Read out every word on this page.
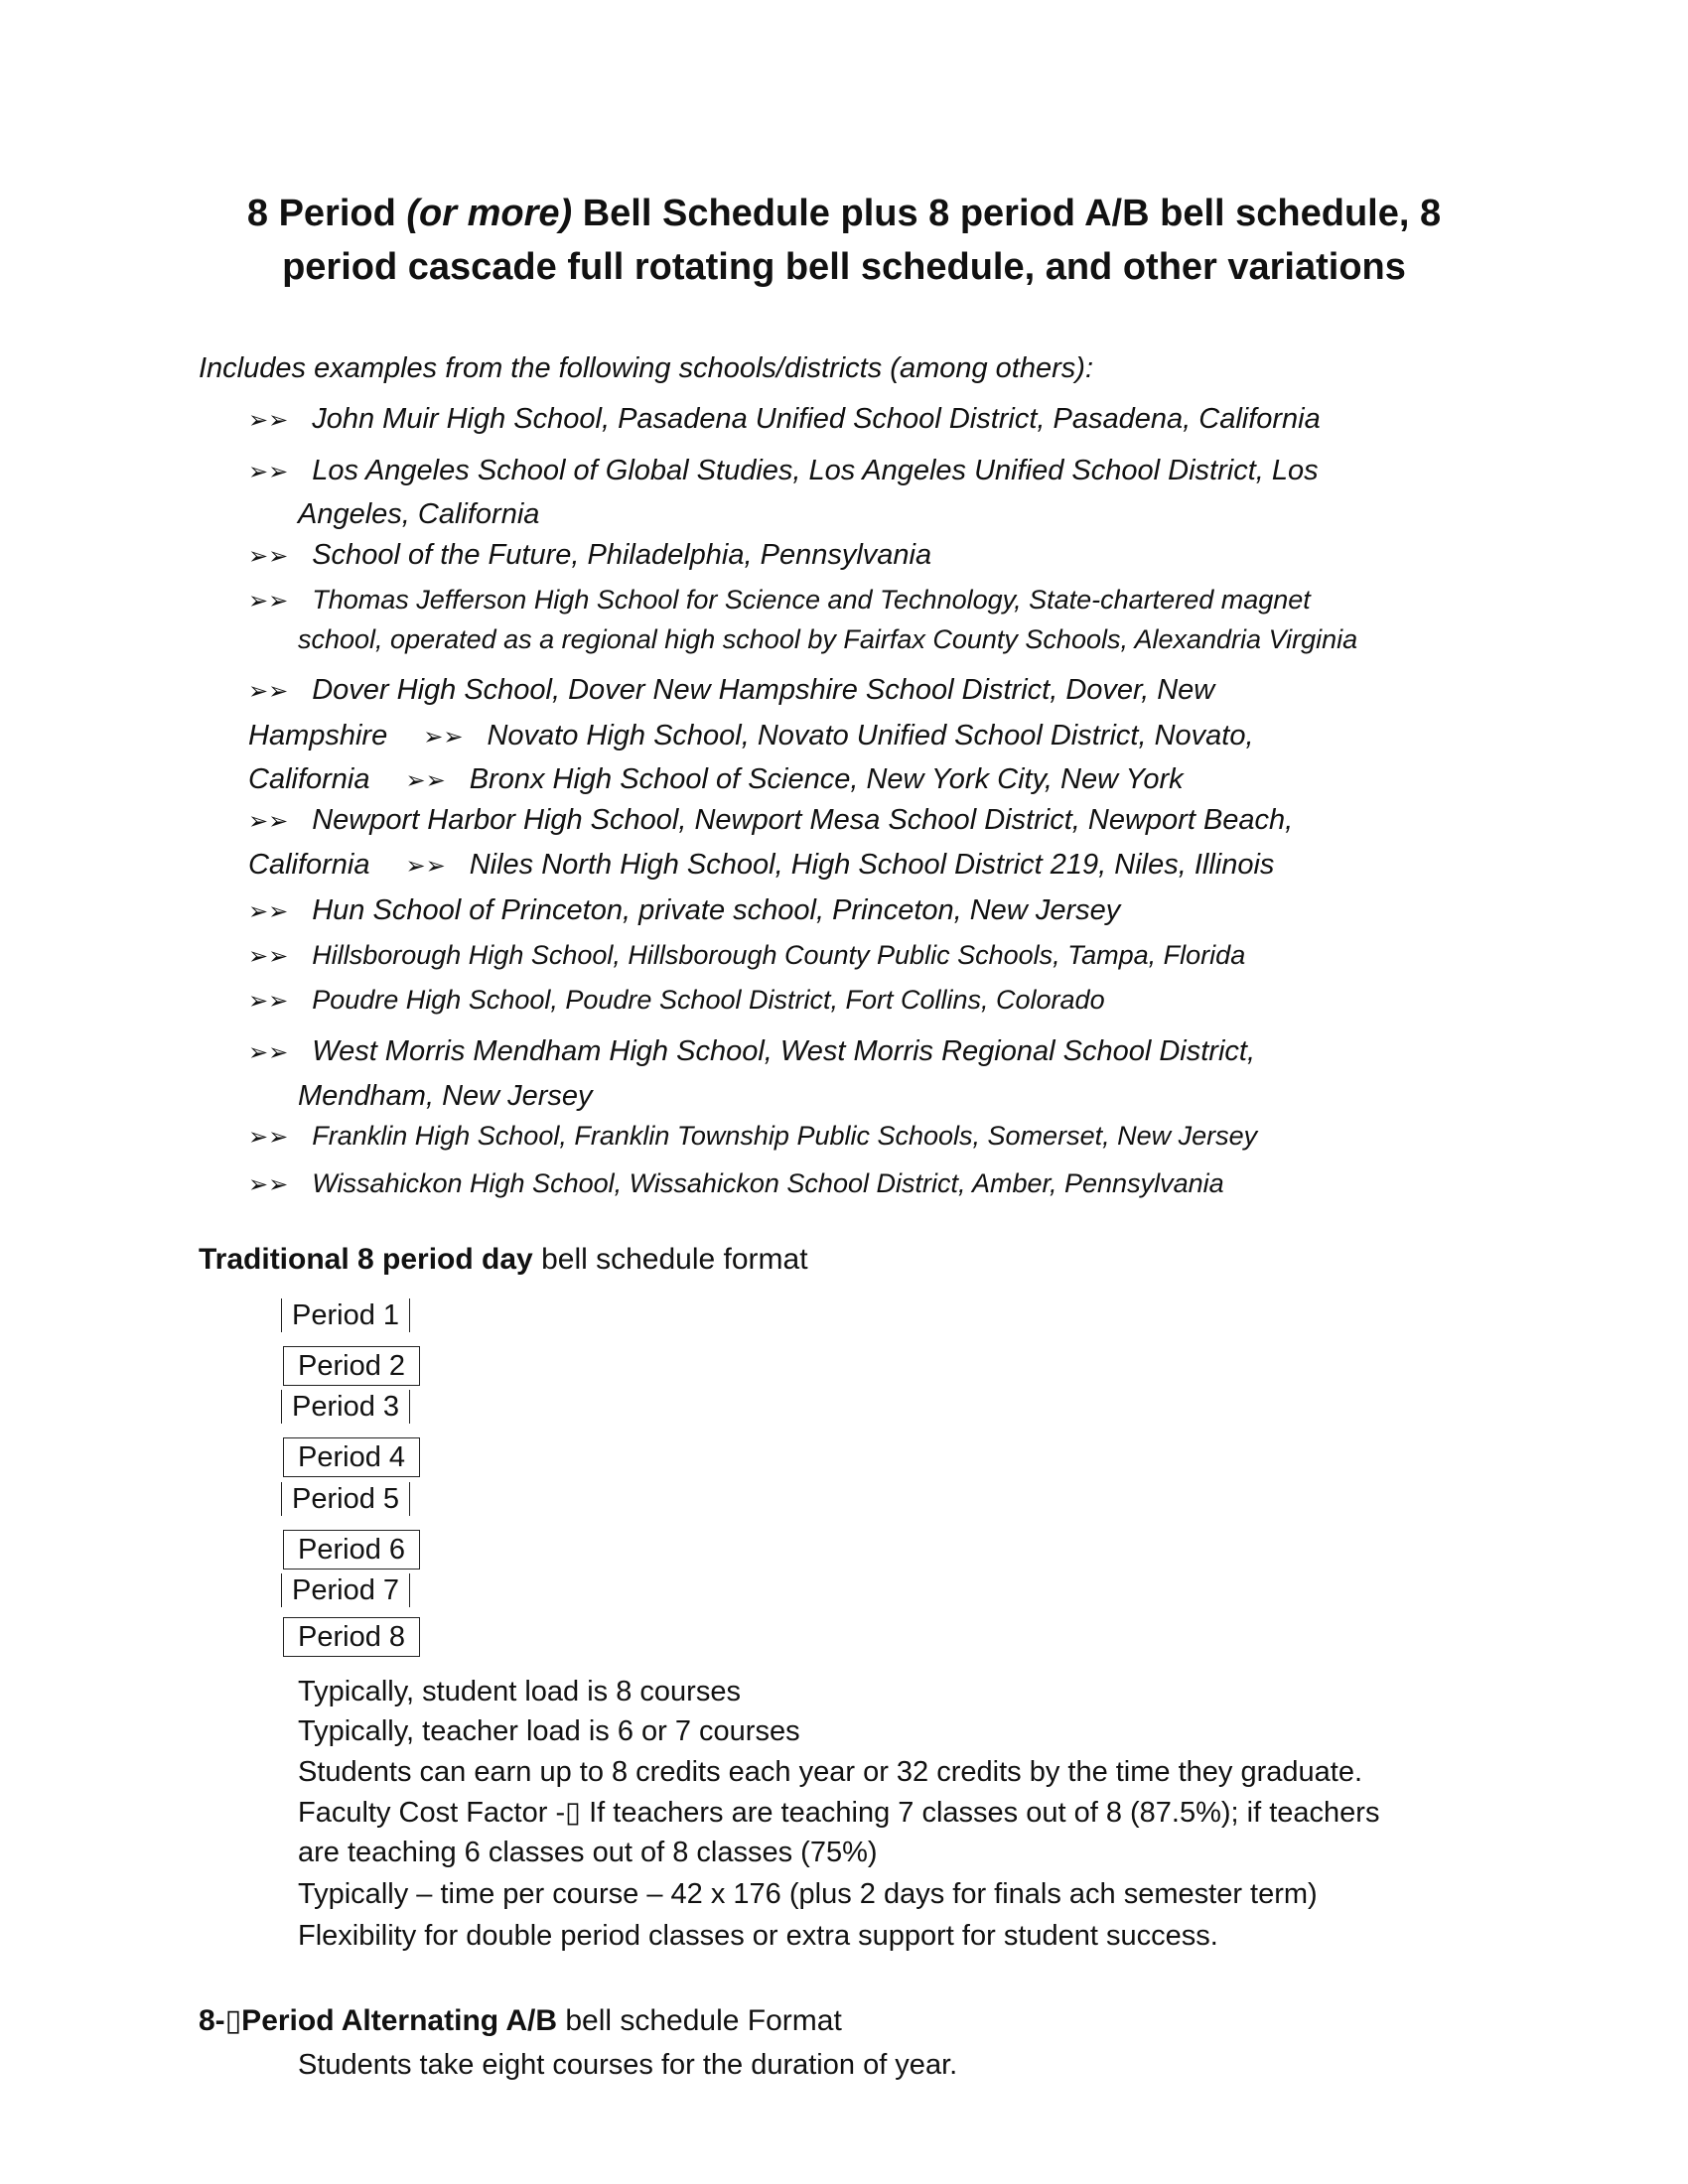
8 Period (or more) Bell Schedule plus 8 period A/B bell schedule, 8 period cascade full rotating bell schedule, and other variations
Includes examples from the following schools/districts (among others):
➢➢ John Muir High School, Pasadena Unified School District, Pasadena, California
➢➢ Los Angeles School of Global Studies, Los Angeles Unified School District, Los
Angeles, California
➢➢ School of the Future, Philadelphia, Pennsylvania
➢➢ Thomas Jefferson High School for Science and Technology, State-⁠chartered magnet
school, operated as a regional high school by Fairfax County Schools, Alexandria Virginia
➢➢ Dover High School, Dover New Hampshire School District, Dover, New
Hampshire ➢➢ Novato High School, Novato Unified School District, Novato,
California ➢➢ Bronx High School of Science, New York City, New York
➢➢ Newport Harbor High School, Newport Mesa School District, Newport Beach,
California ➢➢ Niles North High School, High School District 219, Niles, Illinois
➢➢ Hun School of Princeton, private school, Princeton, New Jersey
➢➢ Hillsborough High School, Hillsborough County Public Schools, Tampa, Florida
➢➢ Poudre High School, Poudre School District, Fort Collins, Colorado
➢➢ West Morris Mendham High School, West Morris Regional School District,
Mendham, New Jersey
➢➢ Franklin High School, Franklin Township Public Schools, Somerset, New Jersey
➢➢ Wissahickon High School, Wissahickon School District, Amber, Pennsylvania
Traditional 8 period day bell schedule format
Period 1
Period 2
Period 3
Period 4
Period 5
Period 6
Period 7
Period 8
Typically, student load is 8 courses
Typically, teacher load is 6 or 7 courses
Students can earn up to 8 credits each year or 32 credits by the time they graduate.
Faculty Cost Factor -▯ If teachers are teaching 7 classes out of 8 (87.5%); if teachers
are teaching 6 classes out of 8 classes (75%)
Typically – time per course – 42 x 176 (plus 2 days for finals ach semester term)
Flexibility for double period classes or extra support for student success.
8-▯Period Alternating A/B bell schedule Format
Students take eight courses for the duration of year.
